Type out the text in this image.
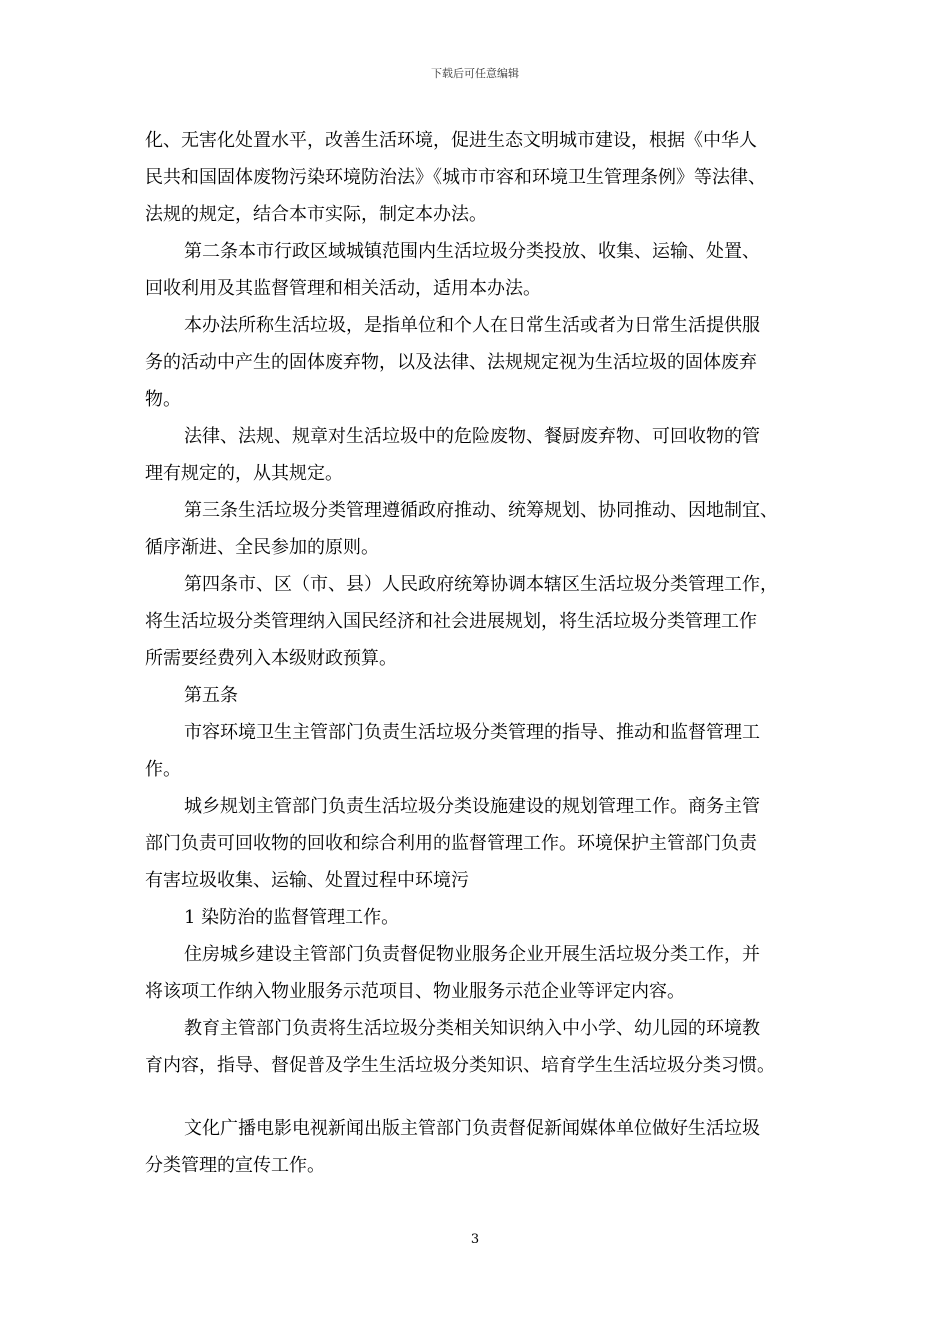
下载后可任意编辑
化、无害化处置水平，改善生活环境，促进生态文明城市建设，根据《中华人
民共和国固体废物污染环境防治法》《城市市容和环境卫生管理条例》等法律、
法规的规定，结合本市实际，制定本办法。
第二条本市行政区域城镇范围内生活垃圾分类投放、收集、运输、处置、
回收利用及其监督管理和相关活动，适用本办法。
本办法所称生活垃圾，是指单位和个人在日常生活或者为日常生活提供服
务的活动中产生的固体废弃物，以及法律、法规规定视为生活垃圾的固体废弃
物。
法律、法规、规章对生活垃圾中的危险废物、餐厨废弃物、可回收物的管
理有规定的，从其规定。
第三条生活垃圾分类管理遵循政府推动、统筹规划、协同推动、因地制宜、
循序渐进、全民参加的原则。
第四条市、区（市、县）人民政府统筹协调本辖区生活垃圾分类管理工作，
将生活垃圾分类管理纳入国民经济和社会进展规划，将生活垃圾分类管理工作
所需要经费列入本级财政预算。
第五条
市容环境卫生主管部门负责生活垃圾分类管理的指导、推动和监督管理工
作。
城乡规划主管部门负责生活垃圾分类设施建设的规划管理工作。商务主管
部门负责可回收物的回收和综合利用的监督管理工作。环境保护主管部门负责
有害垃圾收集、运输、处置过程中环境污
1 染防治的监督管理工作。
住房城乡建设主管部门负责督促物业服务企业开展生活垃圾分类工作，并
将该项工作纳入物业服务示范项目、物业服务示范企业等评定内容。
教育主管部门负责将生活垃圾分类相关知识纳入中小学、幼儿园的环境教
育内容，指导、督促普及学生生活垃圾分类知识、培育学生生活垃圾分类习惯。
文化广播电影电视新闻出版主管部门负责督促新闻媒体单位做好生活垃圾
分类管理的宣传工作。
3
